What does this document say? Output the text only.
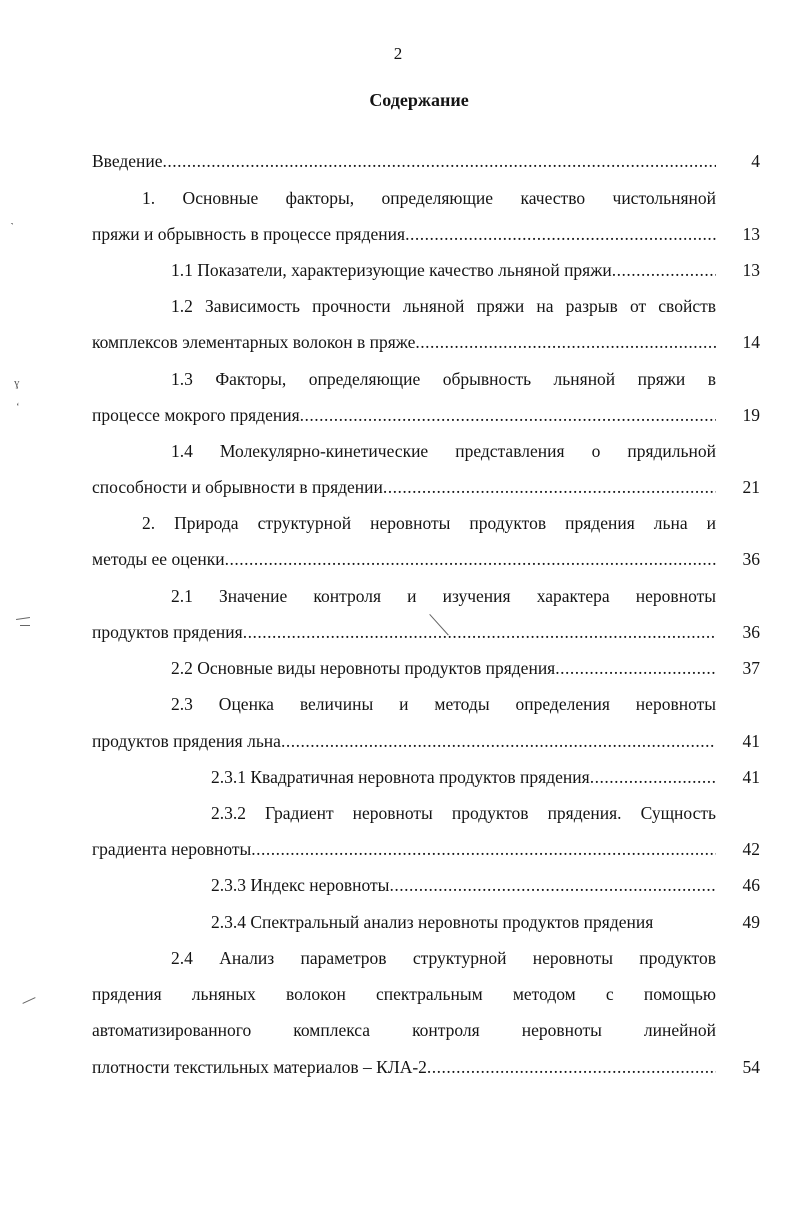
2
Содержание
Введение .....	4
1. Основные факторы, определяющие качество чистольняной
пряжи и обрывность в процессе прядения .....	13
1.1 Показатели, характеризующие качество льняной пряжи .....	13
1.2 Зависимость прочности льняной пряжи на разрыв от свойств
комплексов элементарных волокон в пряже .....	14
1.3 Факторы, определяющие обрывность льняной пряжи в
процессе мокрого прядения .....	19
1.4 Молекулярно-кинетические представления о прядильной
способности и обрывности в прядении .....	21
2. Природа структурной неровноты продуктов прядения льна и
методы ее оценки .....	36
2.1 Значение контроля и изучения характера неровноты
продуктов прядения .....	36
2.2 Основные виды неровноты продуктов прядения .....	37
2.3 Оценка величины и методы определения неровноты
продуктов прядения льна .....	41
2.3.1 Квадратичная неровнота продуктов прядения .....	41
2.3.2 Градиент неровноты продуктов прядения. Сущность
градиента неровноты .....	42
2.3.3 Индекс неровноты .....	46
2.3.4 Спектральный анализ неровноты продуктов прядения	49
2.4 Анализ параметров структурной неровноты продуктов
прядения льняных волокон спектральным методом с помощью
автоматизированного комплекса контроля неровноты линейной
плотности текстильных материалов – КЛА-2 .....	54
˺
ɣ
ʻ
